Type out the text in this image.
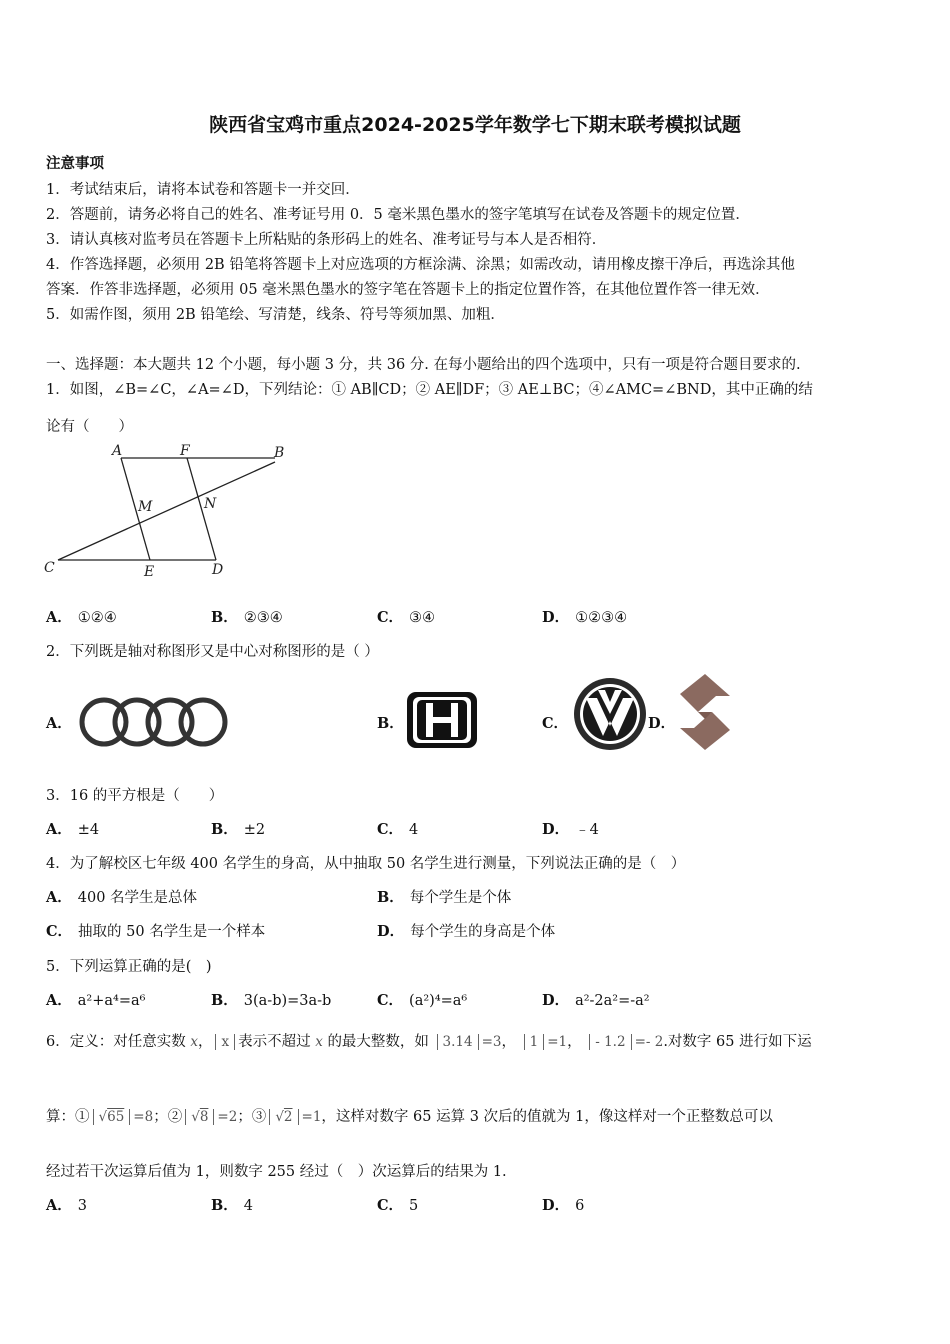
陕西省宝鸡市重点2024-2025学年数学七下期末联考模拟试题
注意事项
1．考试结束后，请将本试卷和答题卡一并交回．
2．答题前，请务必将自己的姓名、准考证号用 0．5 毫米黑色墨水的签字笔填写在试卷及答题卡的规定位置．
3．请认真核对监考员在答题卡上所粘贴的条形码上的姓名、准考证号与本人是否相符．
4．作答选择题，必须用 2B 铅笔将答题卡上对应选项的方框涂满、涂黑；如需改动，请用橡皮擦干净后，再选涂其他
答案．作答非选择题，必须用 05 毫米黑色墨水的签字笔在答题卡上的指定位置作答，在其他位置作答一律无效．
5．如需作图，须用 2B 铅笔绘、写清楚，线条、符号等须加黑、加粗．
一、选择题：本大题共 12 个小题，每小题 3 分，共 36 分. 在每小题给出的四个选项中，只有一项是符合题目要求的.
1．如图，∠B=∠C，∠A=∠D，下列结论：① AB∥CD；② AE∥DF；③ AE⊥BC；④∠AMC=∠BND，其中正确的结
论有（　　）
A	F	B
M	N
C	E	D
A． ①②④	B． ②③④	C． ③④	D． ①②③④
2．下列既是轴对称图形又是中心对称图形的是（ ）
A．	B．	C．	D．
3．16 的平方根是（　　）
A． ±4	B． ±2	C． 4	D． ﹣4
4．为了解校区七年级 400 名学生的身高，从中抽取 50 名学生进行测量，下列说法正确的是（　）
A． 400 名学生是总体	B． 每个学生是个体
C． 抽取的 50 名学生是一个样本	D． 每个学生的身高是个体
5．下列运算正确的是(　)
A． a²+a⁴=a⁶	B． 3(a-b)=3a-b	C． (a²)⁴=a⁶	D． a²-2a²=-a²
6．定义：对任意实数 x， x 表示不超过 x 的最大整数，如 3.14 =3， 1 =1， - 1.2 =- 2.对数字 65 进行如下运
算：① √65 =8；② √8 =2；③ √2 =1，这样对数字 65 运算 3 次后的值就为 1，像这样对一个正整数总可以
经过若干次运算后值为 1，则数字 255 经过（　）次运算后的结果为 1.
A． 3	B． 4	C． 5	D． 6
